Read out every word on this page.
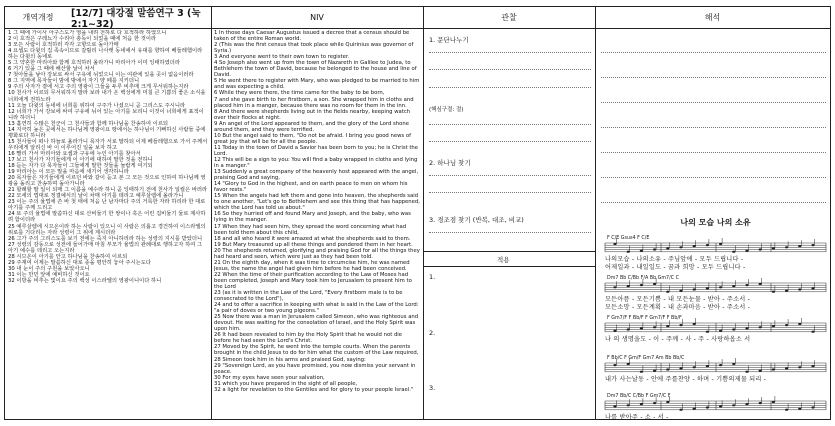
개역개정 [12/7] 대강절 말씀연구 3 (눅 2:1~32)
NIV	관찰	해석

1 그 때에 가이사 아구스도가 영을 내려 천하로 다 호적하라 하였으니

2 이 호적은 구레뇨가 수리아 총독이 되었을 때에 처음 한 것이라

3 모든 사람이 호적하러 각각 고향으로 돌아가매

4 요셉도 다윗의 집 족속이므로 갈릴리 나사렛 동네에서 유대를 향하여 베들레헴이라 하는 다윗의 동네로

5 그 약혼한 마리아와 함께 호적하러 올라가니 마리아가 이미 잉태하였더라

6 거기 있을 그 때에 해산할 날이 차서

7 첫아들을 낳아 강보로 싸서 구유에 뉘었으니 이는 여관에 있을 곳이 없음이러라

8 그 지역에 목자들이 밤에 밖에서 자기 양 떼를 지키더니

9 주의 사자가 곁에 서고 주의 영광이 그들을 두루 비추매 크게 무서워하는지라

10 천사가 이르되 무서워하지 말라 보라 내가 온 백성에게 미칠 큰 기쁨의 좋은 소식을 너희에게 전하노라

11 오늘 다윗의 동네에 너희를 위하여 구주가 나셨으니 곧 그리스도 주시니라

12 너희가 가서 강보에 싸여 구유에 뉘어 있는 아기를 보리니 이것이 너희에게 표적이니라 하더니

13 홀연히 수많은 천군이 그 천사들과 함께 하나님을 찬송하여 이르되

14 지극히 높은 곳에서는 하나님께 영광이요 땅에서는 하나님이 기뻐하신 사람들 중에 평화로다 하니라

15 천사들이 떠나 하늘로 올라가니 목자가 서로 말하되 이제 베들레헴으로 가서 주께서 우리에게 알리신 바 이 이루어진 일을 보자 하고

16 빨리 가서 마리아와 요셉과 구유에 누인 아기를 찾아서

17 보고 천사가 자기들에게 이 아기에 대하여 말한 것을 전하니

18 듣는 자가 다 목자들이 그들에게 말한 것들을 놀랍게 여기되

19 마리아는 이 모든 말을 마음에 새기어 생각하니라

20 목자들은 자기들에게 이르던 바와 같이 듣고 본 그 모든 것으로 인하여 하나님께 영광을 돌리고 찬송하며 돌아가니라

21 할례할 팔 일이 되매 그 이름을 예수라 하니 곧 잉태하기 전에 천사가 일컬은 바러라

22 모세의 법대로 정결예식의 날이 차매 아기를 데리고 예루살렘에 올라가니

23 이는 주의 율법에 쓴 바 첫 태에 처음 난 남자마다 주의 거룩한 자라 하리라 한 대로 아기를 주께 드리고

24 또 주의 율법에 말씀하신 대로 산비둘기 한 쌍이나 혹은 어린 집비둘기 둘로 제사하려 함이더라

25 예루살렘에 시므온이라 하는 사람이 있으니 이 사람은 의롭고 경건하여 이스라엘의 위로를 기다리는 자라 성령이 그 위에 계시더라

26 그가 주의 그리스도를 보기 전에는 죽지 아니하리라 하는 성령의 지시를 받았더니

27 성령의 감동으로 성전에 들어가매 마침 부모가 율법의 관례대로 행하고자 하여 그 아기 예수를 데리고 오는지라

28 시므온이 아기를 안고 하나님을 찬송하여 이르되

29 주재여 이제는 말씀하신 대로 종을 평안히 놓아 주시는도다

30 내 눈이 주의 구원을 보았사오니

31 이는 만민 앞에 예비하신 것이요

32 이방을 비추는 빛이요 주의 백성 이스라엘의 영광이니이다 하니

1 In those days Caesar Augustus issued a decree that a census should be taken of the entire Roman world.

2 (This was the first census that took place while Quirinius was governor of Syria.)

3 And everyone went to their own town to register.

4 So Joseph also went up from the town of Nazareth in Galilee to Judea, to Bethlehem the town of David, because he belonged to the house and line of David.

5 He went there to register with Mary, who was pledged to be married to him and was expecting a child.

6 While they were there, the time came for the baby to be born,

7 and she gave birth to her firstborn, a son. She wrapped him in cloths and placed him in a manger, because there was no room for them in the inn.

8 And there were shepherds living out in the fields nearby, keeping watch over their flocks at night.

9 An angel of the Lord appeared to them, and the glory of the Lord shone around them, and they were terrified.

10 But the angel said to them, "Do not be afraid. I bring you good news of great joy that will be for all the people.

11 Today in the town of David a Savior has been born to you; he is Christ the Lord.

12 This will be a sign to you: You will find a baby wrapped in cloths and lying in a manger."

13 Suddenly a great company of the heavenly host appeared with the angel, praising God and saying,

14 "Glory to God in the highest, and on earth peace to men on whom his favor rests."

15 When the angels had left them and gone into heaven, the shepherds said to one another, "Let's go to Bethlehem and see this thing that has happened, which the Lord has told us about."

16 So they hurried off and found Mary and Joseph, and the baby, who was lying in the manger.

17 When they had seen him, they spread the word concerning what had been told them about this child,

18 and all who heard it were amazed at what the shepherds said to them.

19 But Mary treasured up all these things and pondered them in her heart.

20 The shepherds returned, glorifying and praising God for all the things they had heard and seen, which were just as they had been told.

21 On the eighth day, when it was time to circumcise him, he was named Jesus, the name the angel had given him before he had been conceived.

22 When the time of their purification according to the Law of Moses had been completed, Joseph and Mary took him to Jerusalem to present him to the Lord

23 (as it is written in the Law of the Lord, "Every firstborn male is to be consecrated to the Lord"),

24 and to offer a sacrifice in keeping with what is said in the Law of the Lord: "a pair of doves or two young pigeons."

25 Now there was a man in Jerusalem called Simeon, who was righteous and devout. He was waiting for the consolation of Israel, and the Holy Spirit was upon him.

26 It had been revealed to him by the Holy Spirit that he would not die before he had seen the Lord's Christ.

27 Moved by the Spirit, he went into the temple courts. When the parents brought in the child Jesus to do for him what the custom of the Law required,

28 Simeon took him in his arms and praised God, saying:

29 "Sovereign Lord, as you have promised, you now dismiss your servant in peace.

30 For my eyes have seen your salvation,

31 which you have prepared in the sight of all people,

32 a light for revelation to the Gentiles and for glory to your people Israel."

1. 문단나누기
(핵심구절: 절)
2. 하나님 찾기
3. 경조점 찾기 (반복, 대조, 비교)
적용
1.
2.
3.
나의 모습 나의 소유
F C/E Gsus4 F C/E
나의모습 - 나의소유 - 주님앞에 - 모두 드립니다 -
어제일과 - 내일일도 - 꿈과 희망 - 모두 드립니다 -
Dm7 Bb C/Bb F/A Bb Gm7/C C
모든아픔 - 모든기쁨 - 내 모든눈물 - 받아 - 주소서 -
모든소망 - 모든계획 - 내 손과마음 - 받아 - 주소서 -
F Gm7/F F Bb/F F Gm7/F F Bb/F
나 의 생명을도 - 이 - 주께 - 사 - 주 - 사랑하옵소 서
F Bb/C F Gm/F Gm7 Am Bb Bb/C
내가 사는날동 - 안에 주를찬양 - 하며 - 기쁨의제물 되리 -
Dm7 Bb/C C/Bb F Gm7/C F
나를 받아주 - 소 - 서 -
